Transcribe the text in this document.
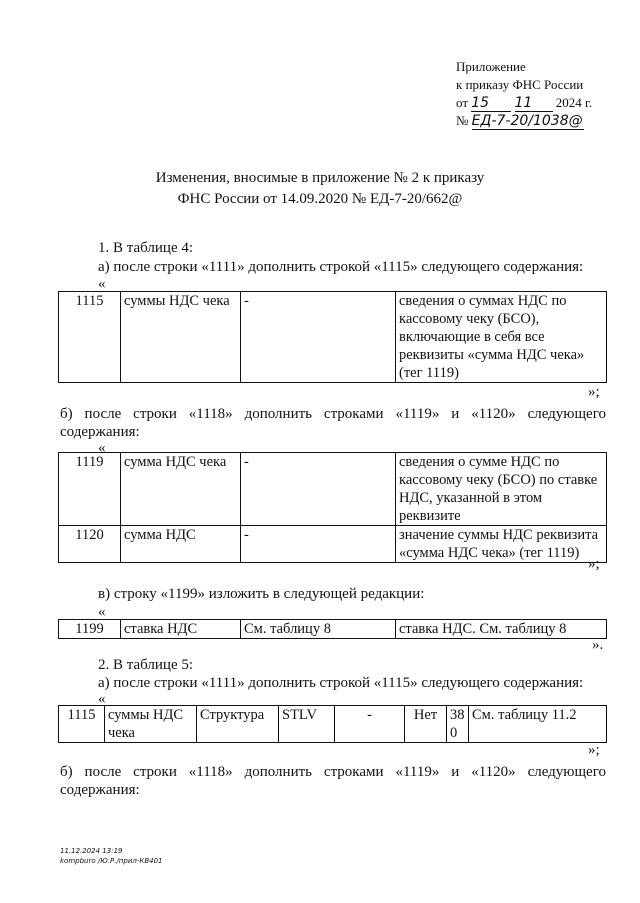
Приложение
к приказу ФНС России
от 15 11 2024 г.
№ ЕД-7-20/1038@
Изменения, вносимые в приложение № 2 к приказу
ФНС России от 14.09.2020 № ЕД-7-20/662@
1. В таблице 4:
а) после строки «1111» дополнить строкой «1115» следующего содержания:
«
1115	суммы НДС чека	-	сведения о суммах НДС по кассовому чеку (БСО), включающие в себя все реквизиты «сумма НДС чека» (тег 1119)
»;
б) после строки «1118» дополнить строками «1119» и «1120» следующего
содержания:
«
1119	сумма НДС чека	-	сведения о сумме НДС по кассовому чеку (БСО) по ставке НДС, указанной в этом реквизите
1120	сумма НДС	-	значение суммы НДС реквизита «сумма НДС чека» (тег 1119)
»;
в) строку «1199» изложить в следующей редакции:
«
1199	ставка НДС	См. таблицу 8	ставка НДС. См. таблицу 8
».
2. В таблице 5:
а) после строки «1111» дополнить строкой «1115» следующего содержания:
«
1115	суммы НДС чека	Структура	STLV	-	Нет	380	См. таблицу 11.2
»;
б) после строки «1118» дополнить строками «1119» и «1120» следующего
содержания:
11.12.2024 13:19
kompburo /Ю.Р./прил-КВ401
